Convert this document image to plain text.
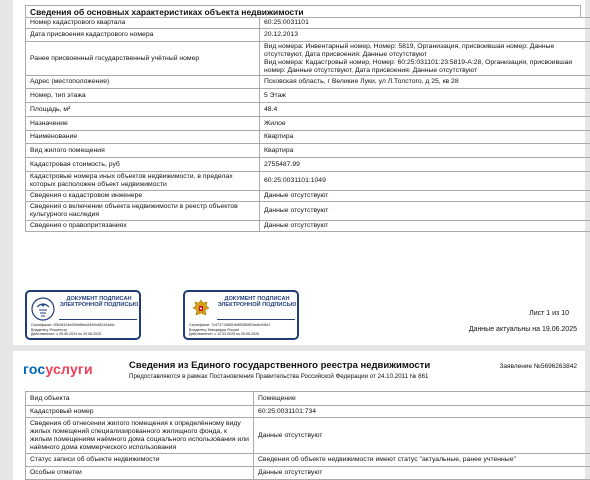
Сведения об основных характеристиках объекта недвижимости
Номер кадастрового квартала	60:25:0031101
Дата присвоения кадастрового номера	20.12.2013
Ранее присвоенный государственный учётный номер	Вид номера: Инвентарный номер, Номер: 5819, Организация, присвоившая номер: Данные отсутствуют, Дата присвоения: Данные отсутствуют
Вид номера: Кадастровый номер, Номер: 60:25:031101:23:5819-А:28, Организация, присвоившая номер: Данные отсутствуют, Дата присвоения: Данные отсутствуют
Адрес (местоположение)	Псковская область, г Великие Луки, ул Л.Толстого, д 25, кв 28
Номер, тип этажа	5 Этаж
Площадь, м²	48.4
Назначение	Жилое
Наименование	Квартира
Вид жилого помещения	Квартира
Кадастровая стоимость, руб	2755487.99
Кадастровые номера иных объектов недвижимости, в пределах которых расположен объект недвижимости	60:25:0031101:1049
Сведения о кадастровом инженере	Данные отсутствуют
Сведения о включении объекта недвижимости в реестр объектов культурного наследия	Данные отсутствуют
Сведения о правопритязаниях	Данные отсутствуют
ДОКУМЕНТ ПОДПИСАН ЭЛЕКТРОННОЙ ПОДПИСЬЮ
Сертификат: 00b08104e090e88ed3490cd52444a9c
Владелец: Росреестр
Действителен: с 05.06.2024 по 29.08.2025
ДОКУМЕНТ ПОДПИСАН ЭЛЕКТРОННОЙ ПОДПИСЬЮ
Сертификат: 7c4737136651b6ff35f0f81be6c9461f
Владелец: Минцифры России
Действителен: с 12.03.2025 по 05.06.2026
Лист 1 из 10
Данные актуальны на 19.06.2025
госуслуги	Сведения из Единого государственного реестра недвижимости
Предоставляются в рамках Постановления Правительства Российской Федерации от 24.10.2011 № 861
Заявление №5696263842
Вид объекта	Помещение
Кадастровый номер	60:25:0031101:734
Сведения об отнесении жилого помещения к определённому виду жилых помещений специализированного жилищного фонда, к жилым помещениям наёмного дома социального использования или наёмного дома коммерческого использования	Данные отсутствуют
Статус записи об объекте недвижимости	Сведения об объекте недвижимости имеют статус "актуальные, ранее учтенные"
Особые отметки	Данные отсутствуют
